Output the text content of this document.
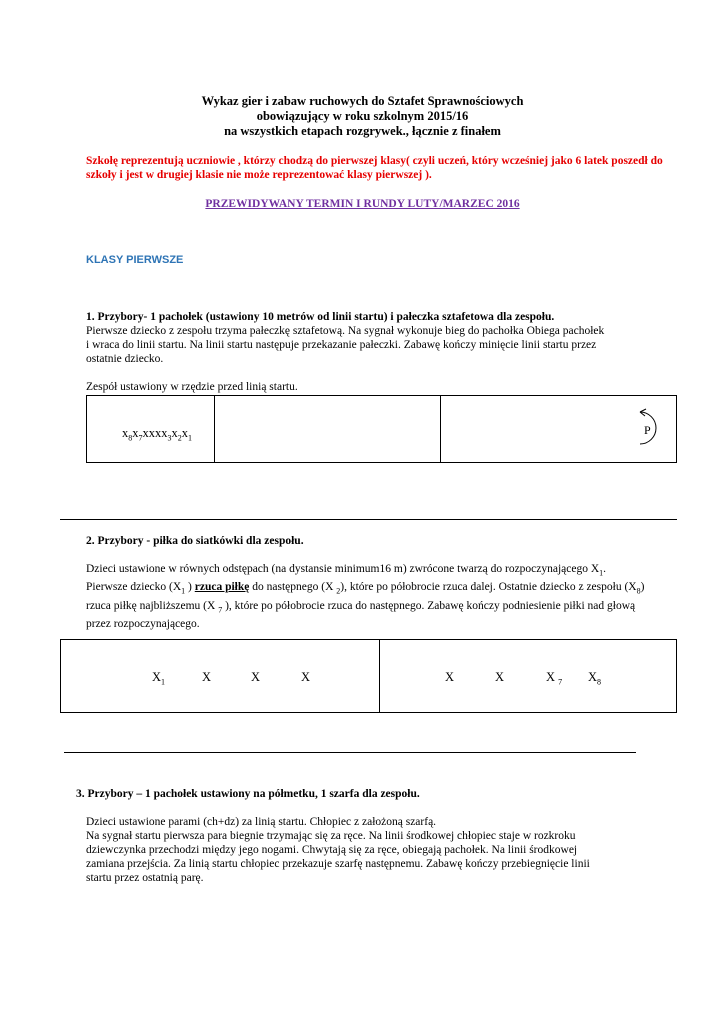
Wykaz gier i zabaw ruchowych do Sztafet Sprawnościowych
obowiązujący w roku szkolnym 2015/16
na wszystkich etapach rozgrywek., łącznie z finałem
Szkołę reprezentują uczniowie , którzy chodzą do pierwszej klasy( czyli uczeń, który wcześniej jako 6 latek poszedł do szkoły i jest w drugiej klasie nie może reprezentować klasy pierwszej ).
PRZEWIDYWANY TERMIN I RUNDY LUTY/MARZEC 2016
KLASY PIERWSZE
1. Przybory- 1 pachołek (ustawiony 10 metrów od linii startu) i pałeczka sztafetowa dla zespołu.
Pierwsze dziecko z zespołu trzyma pałeczkę sztafetową. Na sygnał wykonuje bieg do pachołka Obiega pachołek
i wraca do linii startu. Na linii startu następuje przekazanie pałeczki. Zabawę kończy minięcie linii startu przez
ostatnie dziecko.
Zespół ustawiony w rzędzie przed linią startu.
$x_8x_7xxxx_3x_2x_1$
P
2. Przybory - piłka do siatkówki dla zespołu.
Dzieci ustawione w równych odstępach (na dystansie minimum16 m) zwrócone twarzą do rozpoczynającego $X_1$.
Pierwsze dziecko ($X_1$ ) rzuca piłkę do następnego (X $_2$), które po półobrocie rzuca dalej. Ostatnie dziecko z zespołu $(X_8)$
rzuca piłkę najbliższemu (X $_7$ ), które po półobrocie rzuca do następnego. Zabawę kończy podniesienie piłki nad głową
przez rozpoczynającego.
$X_1$	X	X	X	X	X	X $_7$ $X_8$
3. Przybory – 1 pachołek ustawiony na półmetku, 1 szarfa dla zespołu.
Dzieci ustawione parami (ch+dz) za linią startu. Chłopiec z założoną szarfą.
Na sygnał startu pierwsza para biegnie trzymając się za ręce. Na linii środkowej chłopiec staje w rozkroku
dziewczynka przechodzi między jego nogami. Chwytają się za ręce, obiegają pachołek. Na linii środkowej
zamiana przejścia. Za linią startu chłopiec przekazuje szarfę następnemu. Zabawę kończy przebiegnięcie linii
startu przez ostatnią parę.
